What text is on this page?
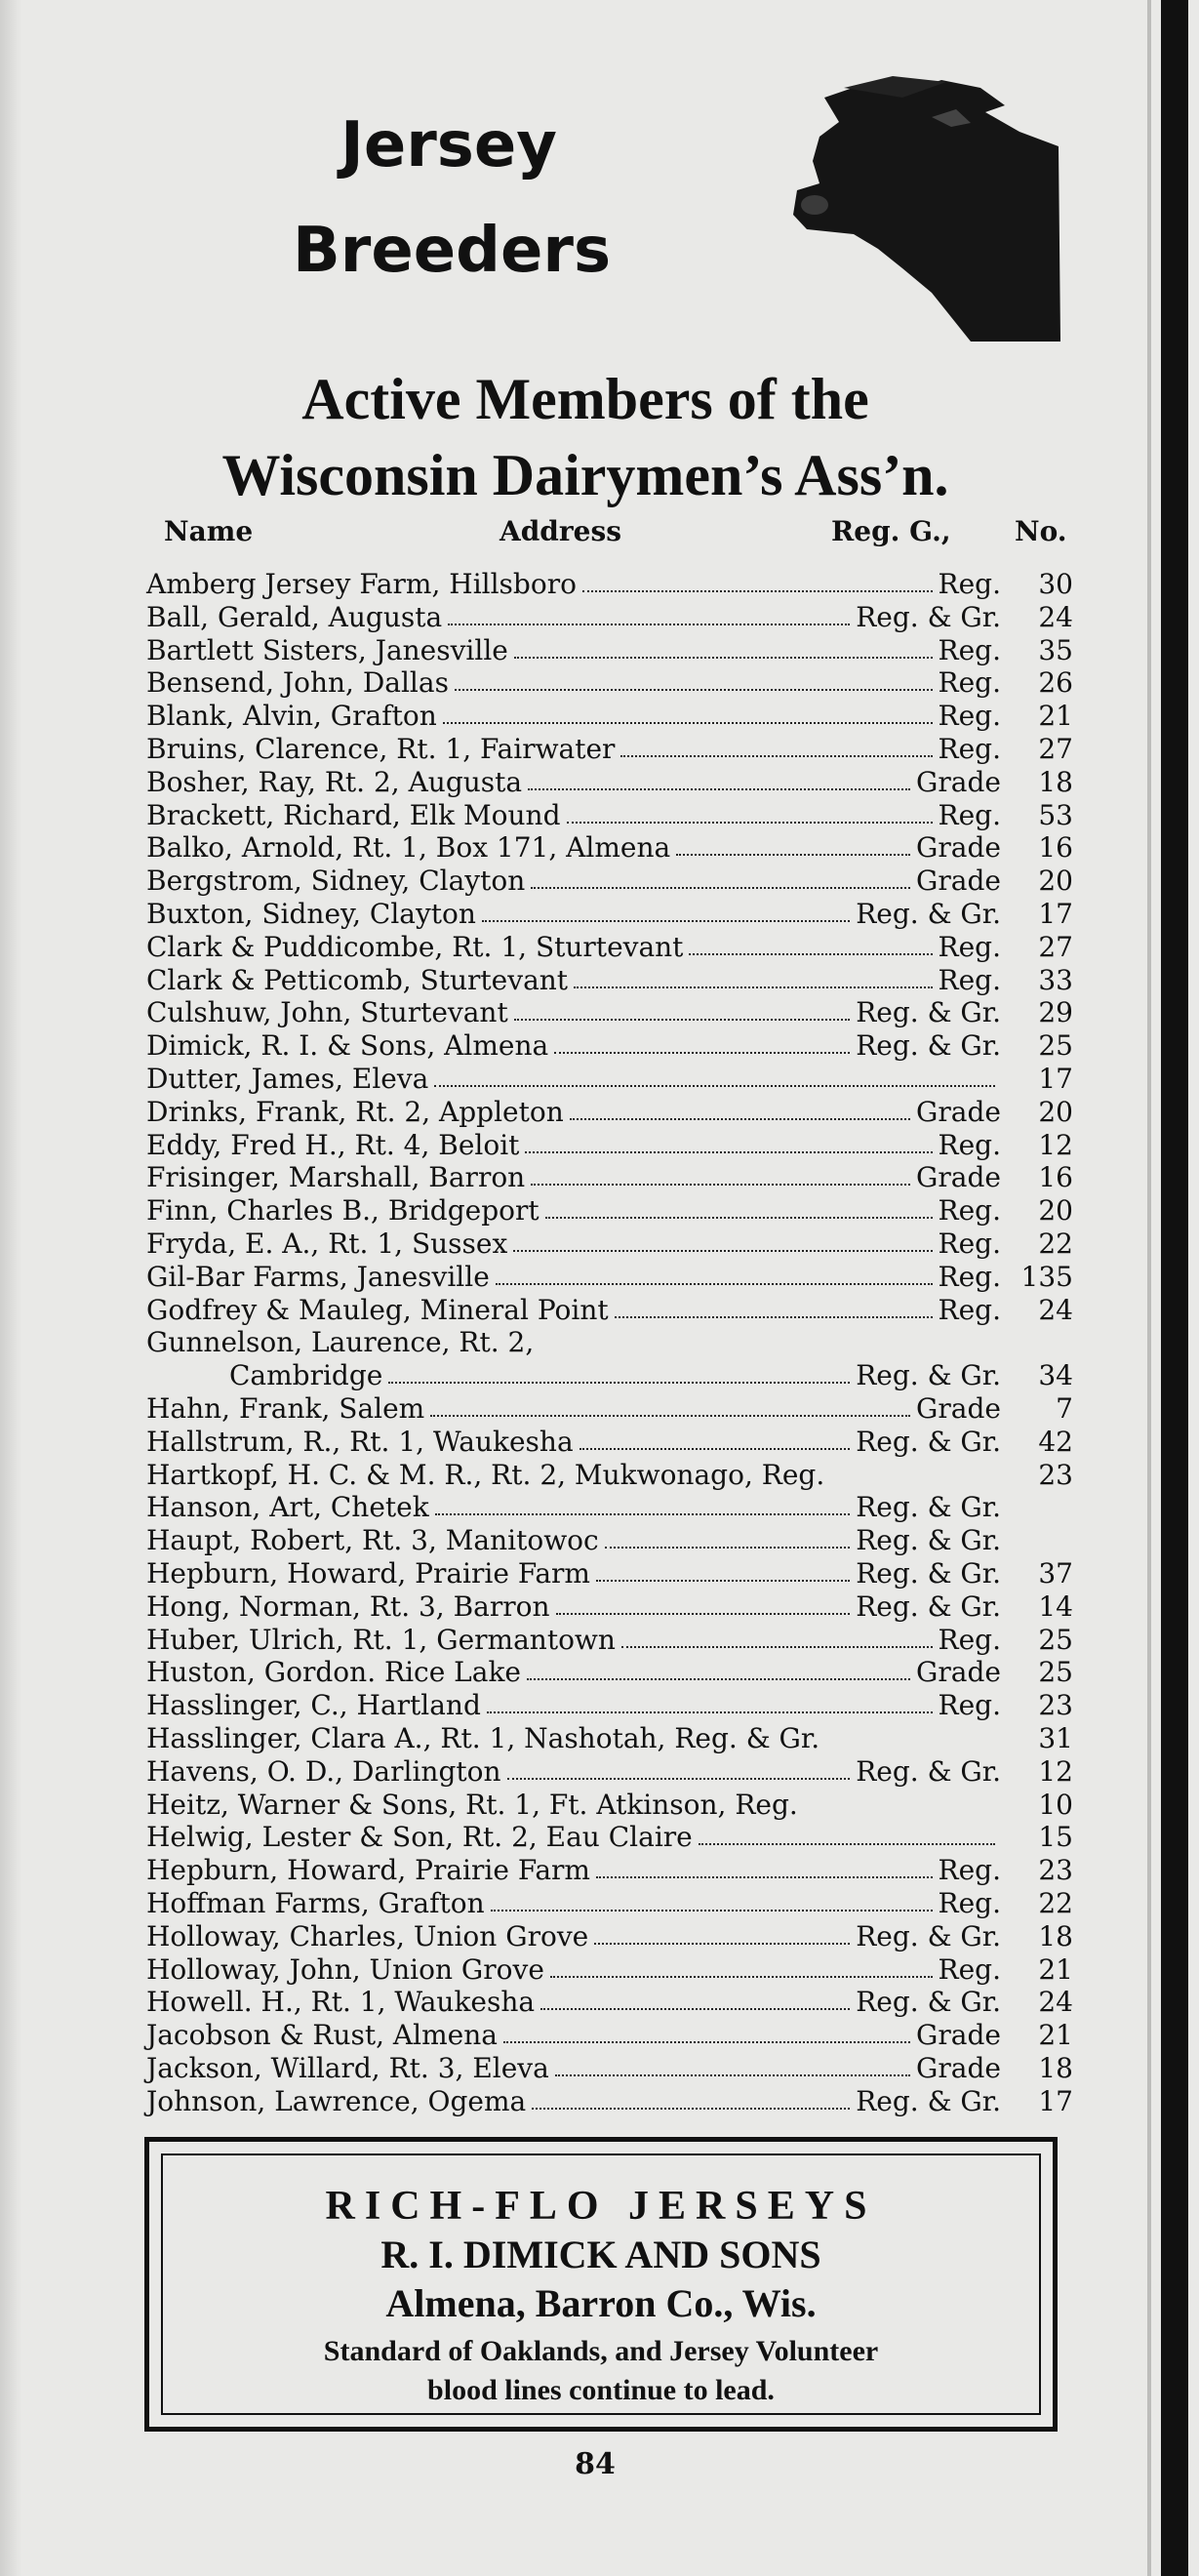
Jersey
Breeders
Active Members of the
Wisconsin Dairymen’s Ass’n.
Name	Address	Reg. G., No.
Amberg Jersey Farm, Hillsboro	Reg.	30
Ball, Gerald, Augusta	Reg. & Gr.	24
Bartlett Sisters, Janesville	Reg.	35
Bensend, John, Dallas	Reg.	26
Blank, Alvin, Grafton	Reg.	21
Bruins, Clarence, Rt. 1, Fairwater	Reg.	27
Bosher, Ray, Rt. 2, Augusta	Grade	18
Brackett, Richard, Elk Mound	Reg.	53
Balko, Arnold, Rt. 1, Box 171, Almena	Grade	16
Bergstrom, Sidney, Clayton	Grade	20
Buxton, Sidney, Clayton	Reg. & Gr.	17
Clark & Puddicombe, Rt. 1, Sturtevant	Reg.	27
Clark & Petticomb, Sturtevant	Reg.	33
Culshuw, John, Sturtevant	Reg. & Gr.	29
Dimick, R. I. & Sons, Almena	Reg. & Gr.	25
Dutter, James, Eleva	17
Drinks, Frank, Rt. 2, Appleton	Grade	20
Eddy, Fred H., Rt. 4, Beloit	Reg.	12
Frisinger, Marshall, Barron	Grade	16
Finn, Charles B., Bridgeport	Reg.	20
Fryda, E. A., Rt. 1, Sussex	Reg.	22
Gil-Bar Farms, Janesville	Reg. 135
Godfrey & Mauleg, Mineral Point	Reg.	24
Gunnelson, Laurence, Rt. 2,
Cambridge	Reg. & Gr.	34
Hahn, Frank, Salem	Grade	7
Hallstrum, R., Rt. 1, Waukesha	Reg. & Gr.	42
Hartkopf, H. C. & M. R., Rt. 2, Mukwonago, Reg.	23
Hanson, Art, Chetek	Reg. & Gr.
Haupt, Robert, Rt. 3, Manitowoc	Reg. & Gr.
Hepburn, Howard, Prairie Farm	Reg. & Gr.	37
Hong, Norman, Rt. 3, Barron	Reg. & Gr.	14
Huber, Ulrich, Rt. 1, Germantown	Reg.	25
Huston, Gordon. Rice Lake	Grade	25
Hasslinger, C., Hartland	Reg.	23
Hasslinger, Clara A., Rt. 1, Nashotah, Reg. & Gr.	31
Havens, O. D., Darlington	Reg. & Gr.	12
Heitz, Warner & Sons, Rt. 1, Ft. Atkinson, Reg.	10
Helwig, Lester & Son, Rt. 2, Eau Claire	15
Hepburn, Howard, Prairie Farm	Reg.	23
Hoffman Farms, Grafton	Reg.	22
Holloway, Charles, Union Grove	Reg. & Gr.	18
Holloway, John, Union Grove	Reg.	21
Howell. H., Rt. 1, Waukesha	Reg. & Gr.	24
Jacobson & Rust, Almena	Grade	21
Jackson, Willard, Rt. 3, Eleva	Grade	18
Johnson, Lawrence, Ogema	Reg. & Gr.	17
RICH-FLO JERSEYS
R. I. DIMICK AND SONS
Almena, Barron Co., Wis.
Standard of Oaklands, and Jersey Volunteer
blood lines continue to lead.
84
